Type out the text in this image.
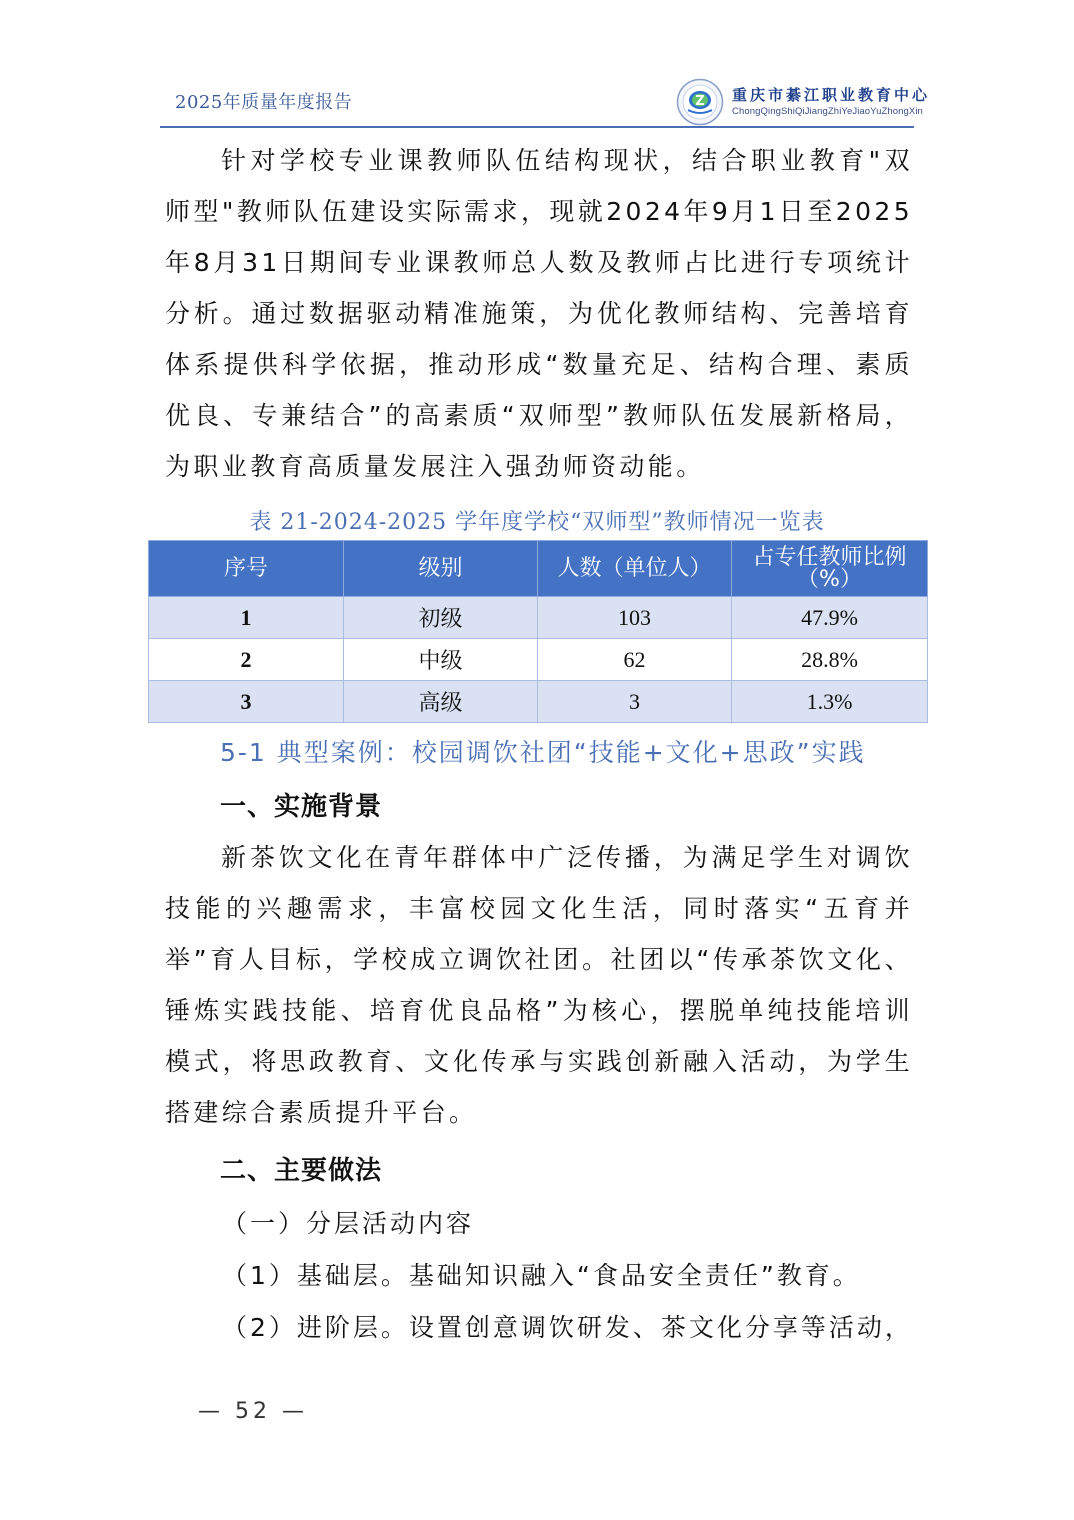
2025年质量年度报告	Z 重庆市綦江职业教育中心
ChongQingShiQiJiangZhiYeJiaoYuZhongXin
针对学校专业课教师队伍结构现状，结合职业教育"双师型"教师队伍建设实际需求，现就2024年9月1日至2025年8月31日期间专业课教师总人数及教师占比进行专项统计分析。通过数据驱动精准施策，为优化教师结构、完善培育体系提供科学依据，推动形成“数量充足、结构合理、素质优良、专兼结合”的高素质“双师型”教师队伍发展新格局，为职业教育高质量发展注入强劲师资动能。
表 21-2024-2025 学年度学校“双师型”教师情况一览表
序号	级别	人数（单位人）	占专任教师比例（%）
1	初级	103	47.9%
2	中级	62	28.8%
3	高级	3	1.3%
5-1 典型案例：校园调饮社团“技能+文化+思政”实践
一、实施背景
新茶饮文化在青年群体中广泛传播，为满足学生对调饮技能的兴趣需求，丰富校园文化生活，同时落实“五育并举”育人目标，学校成立调饮社团。社团以“传承茶饮文化、锤炼实践技能、培育优良品格”为核心，摆脱单纯技能培训模式，将思政教育、文化传承与实践创新融入活动，为学生搭建综合素质提升平台。
二、主要做法
（一）分层活动内容
（1）基础层。基础知识融入“食品安全责任”教育。
（2）进阶层。设置创意调饮研发、茶文化分享等活动，
— 52 —
